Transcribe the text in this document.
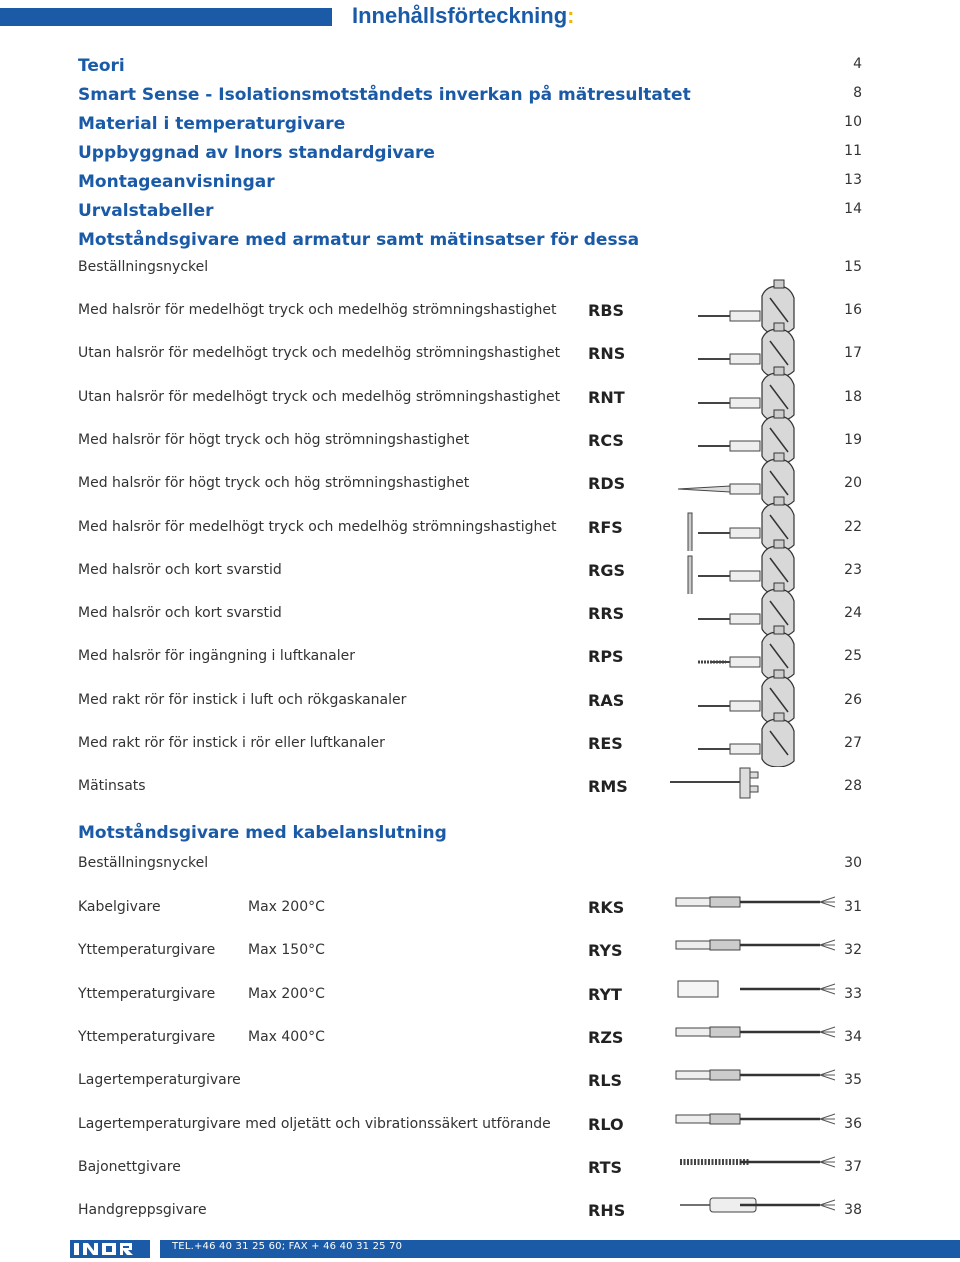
Innehållsförteckning:
Teori	4
Smart Sense - Isolationsmotståndets inverkan på mätresultatet	8
Material i temperaturgivare	10
Uppbyggnad av Inors standardgivare	11
Montageanvisningar	13
Urvalstabeller	14
Motståndsgivare med armatur samt mätinsatser för dessa
Beställningsnyckel	15
Med halsrör för medelhögt tryck och medelhög strömningshastighet RBS	16
Utan halsrör för medelhögt tryck och medelhög strömningshastighet RNS	17
Utan halsrör för medelhögt tryck och medelhög strömningshastighet RNT	18
Med halsrör för högt tryck och hög strömningshastighet	RCS	19
Med halsrör för högt tryck och hög strömningshastighet	RDS	20
Med halsrör för medelhögt tryck och medelhög strömningshastighet RFS	22
Med halsrör och kort svarstid	RGS	23
Med halsrör och kort svarstid	RRS	24
Med halsrör för ingängning i luftkanaler	RPS	25
Med rakt rör för instick i luft och rökgaskanaler	RAS	26
Med rakt rör för instick i rör eller luftkanaler	RES	27
Mätinsats	RMS	28
Motståndsgivare med kabelanslutning
Beställningsnyckel	30
Kabelgivare	Max 200°C	RKS	31
Yttemperaturgivare Max 150°C	RYS	32
Yttemperaturgivare Max 200°C	RYT	33
Yttemperaturgivare Max 400°C	RZS	34
Lagertemperaturgivare	RLS	35
Lagertemperaturgivare med oljetätt och vibrationssäkert utförande RLO	36
Bajonettgivare	RTS	37
Handgreppsgivare	RHS	38
TEL.+46 40 31 25 60; FAX + 46 40 31 25 70
